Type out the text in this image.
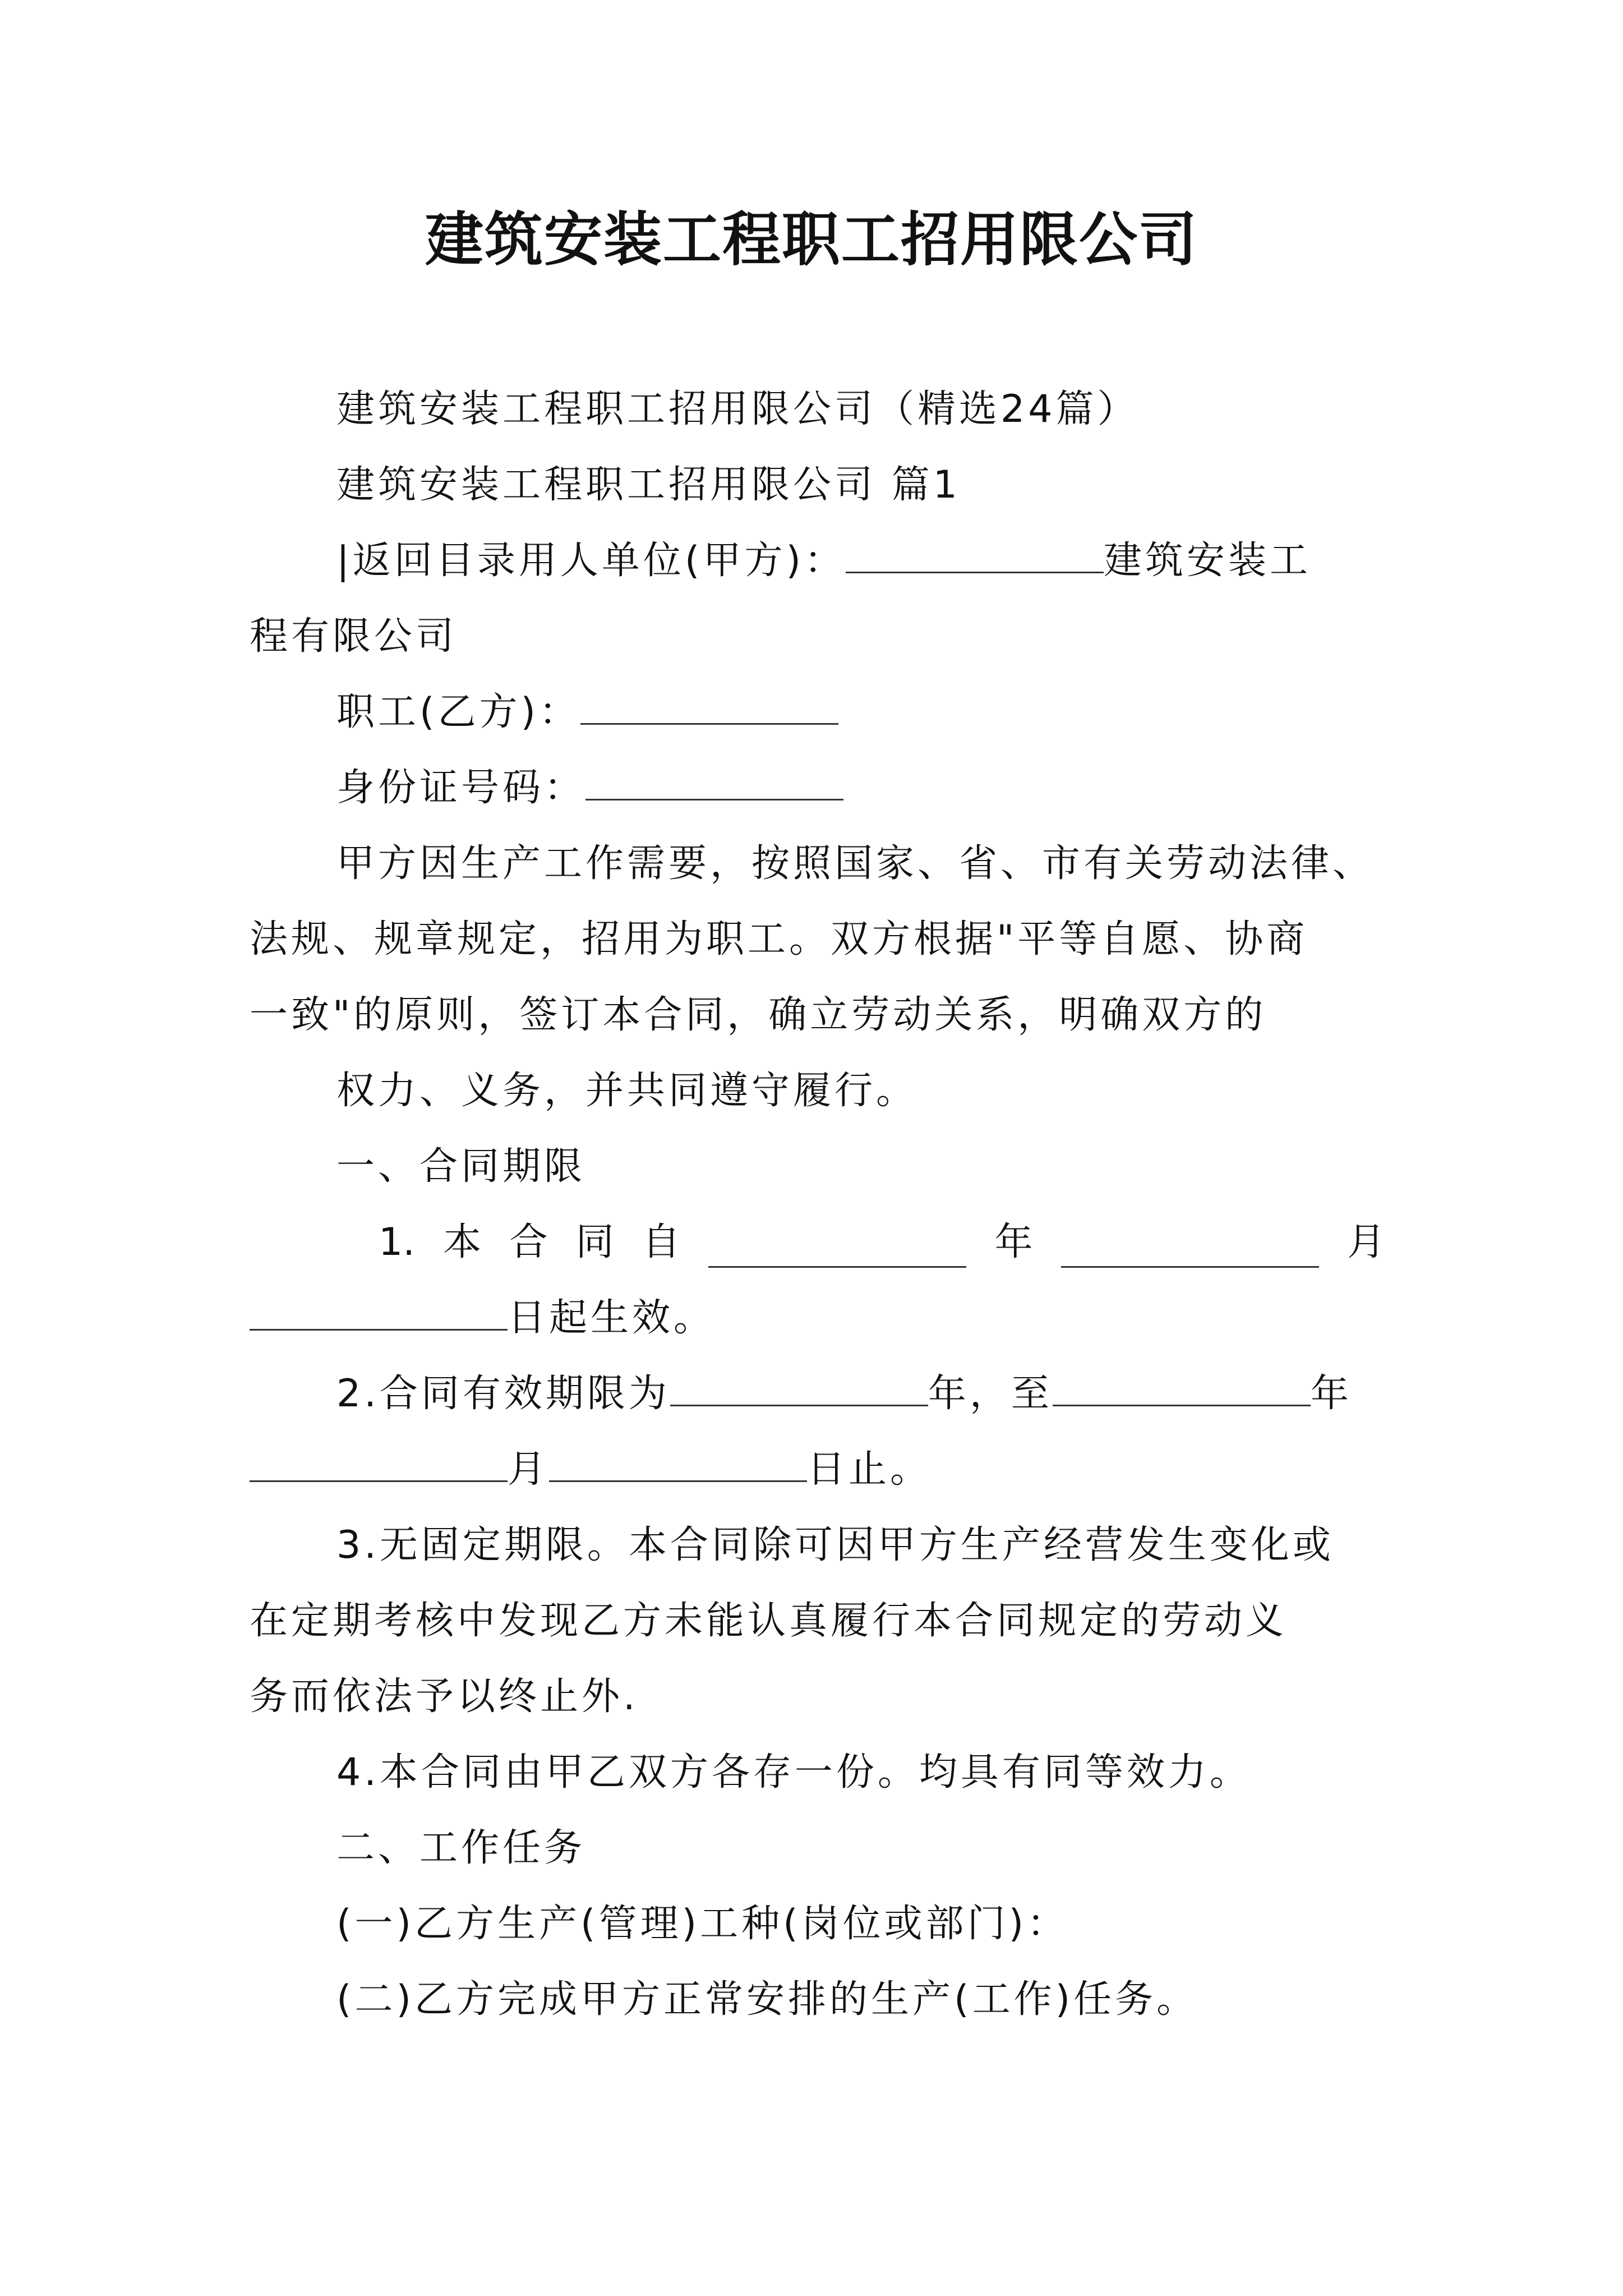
建筑安装工程职工招用限公司
建筑安装工程职工招用限公司（精选24篇）
建筑安装工程职工招用限公司 篇1
|返回目录用人单位(甲方)：	建筑安装工
程有限公司
职工(乙方)：
身份证号码：
甲方因生产工作需要，按照国家、省、市有关劳动法律、
法规、规章规定，招用为职工。双方根据"平等自愿、协商
一致"的原则，签订本合同，确立劳动关系，明确双方的
权力、义务，并共同遵守履行。
一、合同期限
1. 本 合 同 自	年	月
日起生效。
2.合同有效期限为	年，至	年
月	日止。
3.无固定期限。本合同除可因甲方生产经营发生变化或
在定期考核中发现乙方未能认真履行本合同规定的劳动义
务而依法予以终止外.
4.本合同由甲乙双方各存一份。均具有同等效力。
二、工作任务
(一)乙方生产(管理)工种(岗位或部门)：
(二)乙方完成甲方正常安排的生产(工作)任务。
